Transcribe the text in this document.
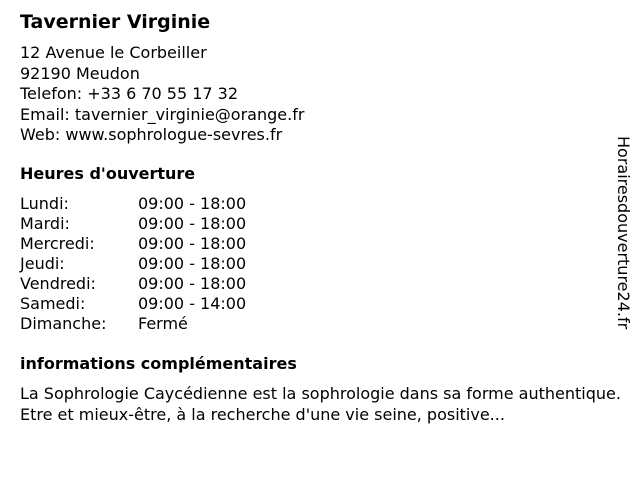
Tavernier Virginie
12 Avenue le Corbeiller
92190 Meudon
Telefon: +33 6 70 55 17 32
Email: tavernier_virginie@orange.fr
Web: www.sophrologue-sevres.fr
Heures d'ouverture
Lundi:	09:00 - 18:00
Mardi:	09:00 - 18:00
Mercredi:	09:00 - 18:00
Jeudi:	09:00 - 18:00
Vendredi:	09:00 - 18:00
Samedi:	09:00 - 14:00
Dimanche: Fermé
informations complémentaires
La Sophrologie Caycédienne est la sophrologie dans sa forme authentique. Etre et mieux-être, à la recherche d'une vie seine, positive...
Horairesdouverture24.fr
